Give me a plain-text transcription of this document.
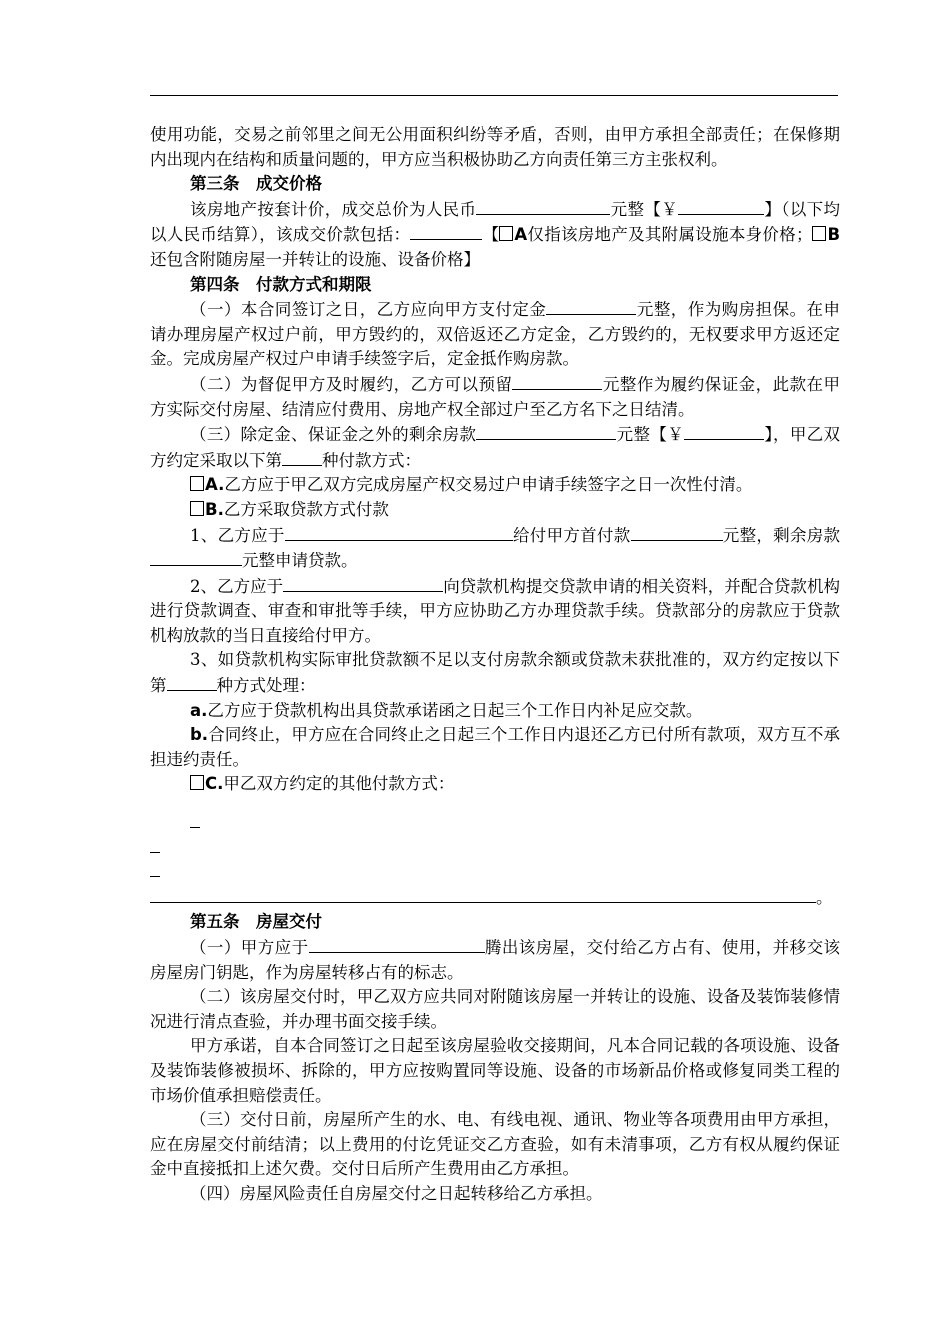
使用功能，交易之前邻里之间无公用面积纠纷等矛盾，否则，由甲方承担全部责任；在保修期内出现内在结构和质量问题的，甲方应当积极协助乙方向责任第三方主张权利。

第三条　成交价格

该房地产按套计价，成交总价为人民币	元整【￥	】（以下均以人民币结算），该成交价款包括：	【 A仅指该房地产及其附属设施本身价格； B还包含附随房屋一并转让的设施、设备价格】

第四条　付款方式和期限

（一）本合同签订之日，乙方应向甲方支付定金	元整，作为购房担保。在申请办理房屋产权过户前，甲方毁约的，双倍返还乙方定金，乙方毁约的，无权要求甲方返还定金。完成房屋产权过户申请手续签字后，定金抵作购房款。

（二）为督促甲方及时履约，乙方可以预留	元整作为履约保证金，此款在甲方实际交付房屋、结清应付费用、房地产权全部过户至乙方名下之日结清。

（三）除定金、保证金之外的剩余房款	元整【￥	】，甲乙双方约定采取以下第 种付款方式：

A.乙方应于甲乙双方完成房屋产权交易过户申请手续签字之日一次性付清。

B.乙方采取贷款方式付款

1、乙方应于	给付甲方首付款	元整，剩余房款元整申请贷款。

2、乙方应于	向贷款机构提交贷款申请的相关资料，并配合贷款机构进行贷款调查、审查和审批等手续，甲方应协助乙方办理贷款手续。贷款部分的房款应于贷款机构放款的当日直接给付甲方。

3、如贷款机构实际审批贷款额不足以支付房款余额或贷款未获批准的，双方约定按以下第	种方式处理：

a.乙方应于贷款机构出具贷款承诺函之日起三个工作日内补足应交款。

b.合同终止，甲方应在合同终止之日起三个工作日内退还乙方已付所有款项，双方互不承担违约责任。

C.甲乙双方约定的其他付款方式：

。

第五条　房屋交付

（一）甲方应于	腾出该房屋，交付给乙方占有、使用，并移交该房屋房门钥匙，作为房屋转移占有的标志。

（二）该房屋交付时，甲乙双方应共同对附随该房屋一并转让的设施、设备及装饰装修情况进行清点查验，并办理书面交接手续。

甲方承诺，自本合同签订之日起至该房屋验收交接期间，凡本合同记载的各项设施、设备及装饰装修被损坏、拆除的，甲方应按购置同等设施、设备的市场新品价格或修复同类工程的市场价值承担赔偿责任。

（三）交付日前，房屋所产生的水、电、有线电视、通讯、物业等各项费用由甲方承担，应在房屋交付前结清；以上费用的付讫凭证交乙方查验，如有未清事项，乙方有权从履约保证金中直接抵扣上述欠费。交付日后所产生费用由乙方承担。

（四）房屋风险责任自房屋交付之日起转移给乙方承担。
